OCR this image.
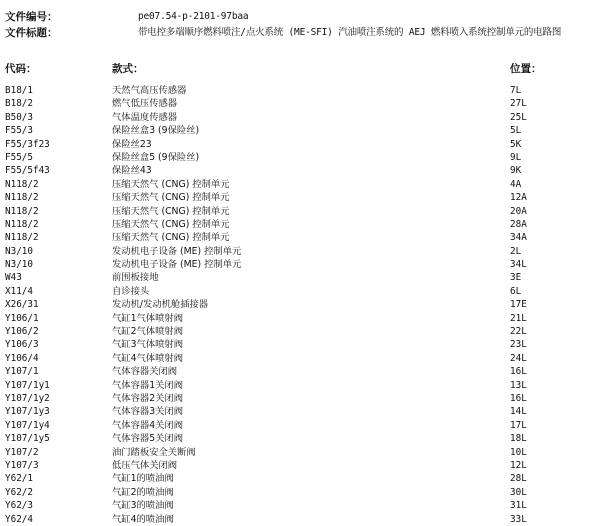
文件编号：	pe07.54-p-2101-97baa
文件标题：	带电控多端顺序燃料喷注/点火系统 (ME-SFI) 汽油喷注系统的 AEJ 燃料喷入系统控制单元的电路图
代码：	款式：	位置：
B18/1	天然气高压传感器	7L
B18/2	燃气低压传感器	27L
B50/3	气体温度传感器	25L
F55/3	保险丝盒3 (9保险丝)	5L
F55/3f23	保险丝23	5K
F55/5	保险丝盒5 (9保险丝)	9L
F55/5f43	保险丝43	9K
N118/2	压缩天然气 (CNG) 控制单元	4A
N118/2	压缩天然气 (CNG) 控制单元	12A
N118/2	压缩天然气 (CNG) 控制单元	20A
N118/2	压缩天然气 (CNG) 控制单元	28A
N118/2	压缩天然气 (CNG) 控制单元	34A
N3/10	发动机电子设备 (ME) 控制单元	2L
N3/10	发动机电子设备 (ME) 控制单元	34L
W43	前围板接地	3E
X11/4	自诊接头	6L
X26/31	发动机/发动机舱插接器	17E
Y106/1	气缸1气体喷射阀	21L
Y106/2	气缸2气体喷射阀	22L
Y106/3	气缸3气体喷射阀	23L
Y106/4	气缸4气体喷射阀	24L
Y107/1	气体容器关闭阀	16L
Y107/1y1	气体容器1关闭阀	13L
Y107/1y2	气体容器2关闭阀	16L
Y107/1y3	气体容器3关闭阀	14L
Y107/1y4	气体容器4关闭阀	17L
Y107/1y5	气体容器5关闭阀	18L
Y107/2	油门踏板安全关断阀	10L
Y107/3	低压气体关闭阀	12L
Y62/1	气缸1的喷油阀	28L
Y62/2	气缸2的喷油阀	30L
Y62/3	气缸3的喷油阀	31L
Y62/4	气缸4的喷油阀	33L
